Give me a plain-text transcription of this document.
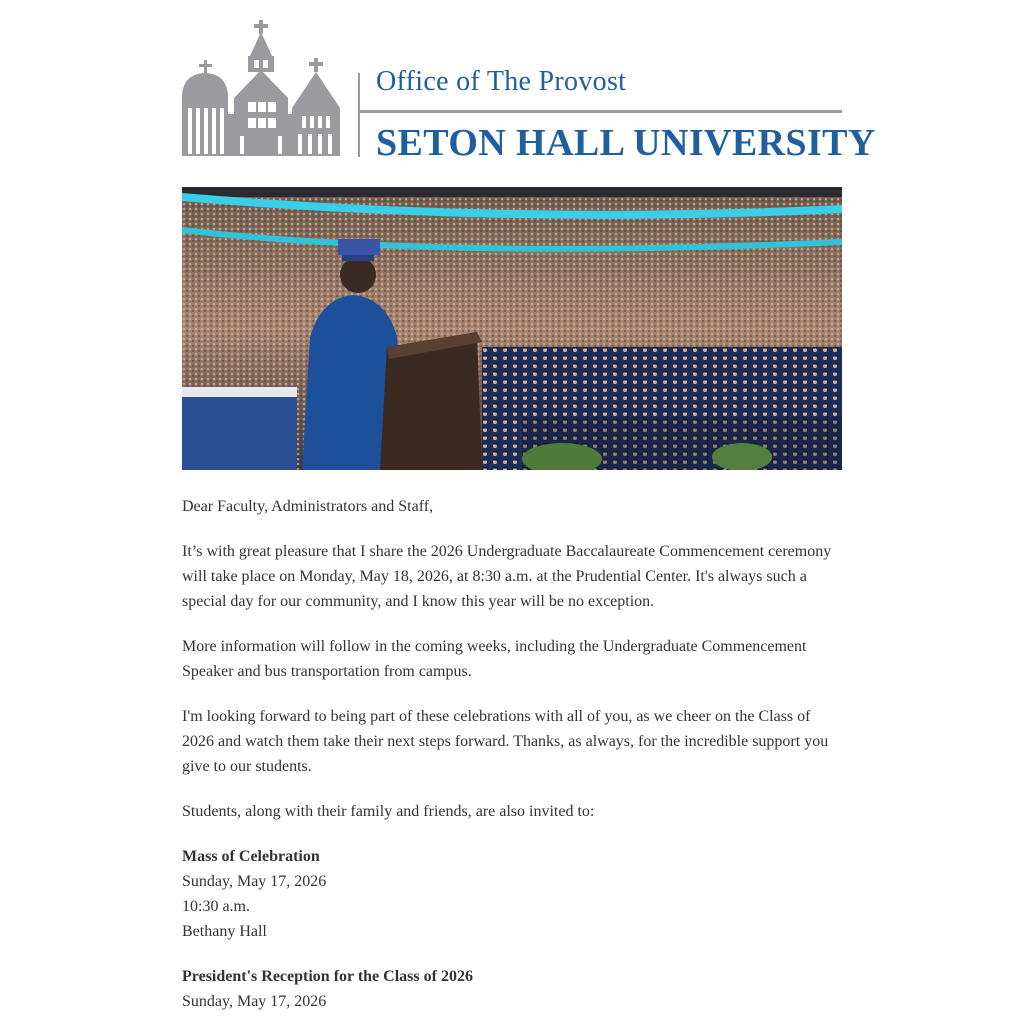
Office of The Provost
SETON HALL UNIVERSITY

Dear Faculty, Administrators and Staff,

It’s with great pleasure that I share the 2026 Undergraduate Baccalaureate Commencement ceremony will take place on Monday, May 18, 2026, at 8:30 a.m. at the Prudential Center. It's always such a special day for our community, and I know this year will be no exception.

More information will follow in the coming weeks, including the Undergraduate Commencement Speaker and bus transportation from campus.

I'm looking forward to being part of these celebrations with all of you, as we cheer on the Class of 2026 and watch them take their next steps forward. Thanks, as always, for the incredible support you give to our students.

Students, along with their family and friends, are also invited to:

Mass of Celebration
Sunday, May 17, 2026
10:30 a.m.
Bethany Hall
President's Reception for the Class of 2026
Sunday, May 17, 2026
